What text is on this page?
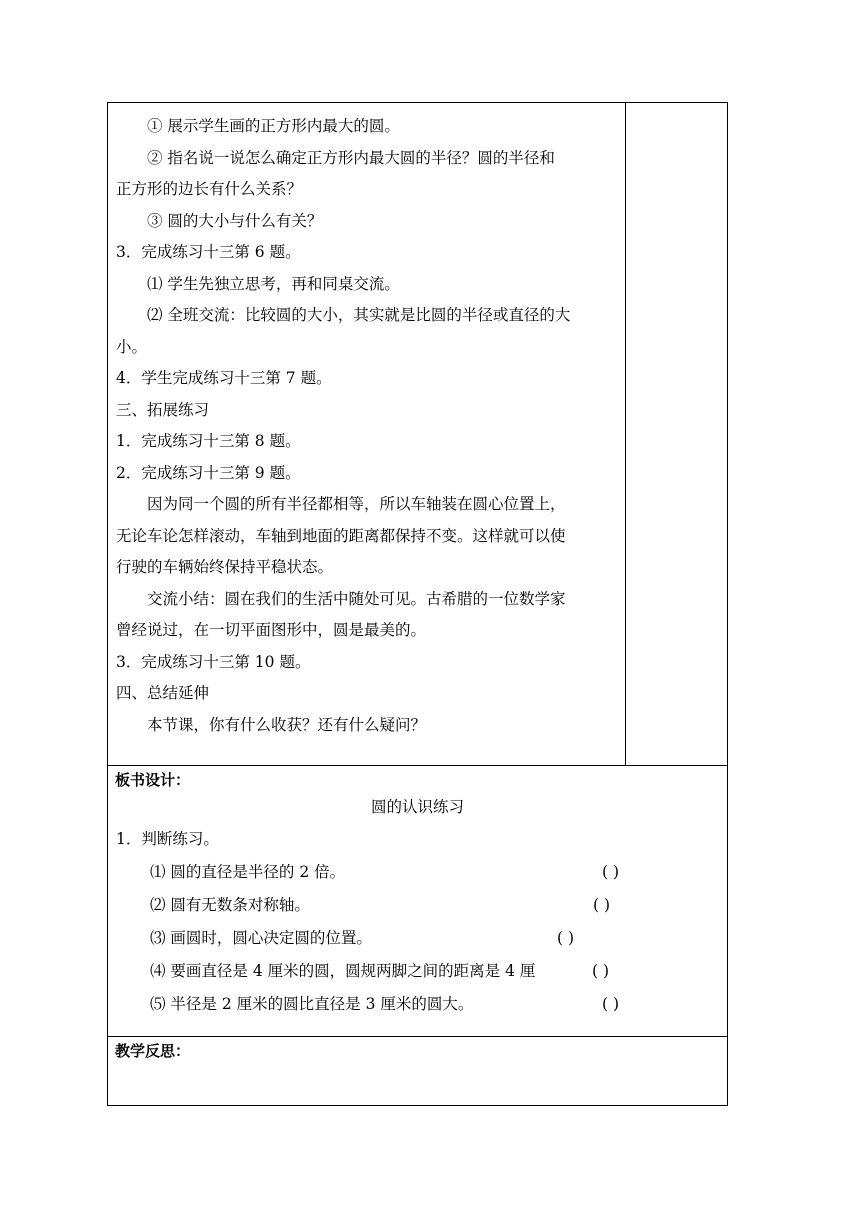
① 展示学生画的正方形内最大的圆。
② 指名说一说怎么确定正方形内最大圆的半径？圆的半径和
正方形的边长有什么关系？
③ 圆的大小与什么有关？
3．完成练习十三第 6 题。
⑴ 学生先独立思考，再和同桌交流。
⑵ 全班交流：比较圆的大小，其实就是比圆的半径或直径的大
小。
4．学生完成练习十三第 7 题。
三、拓展练习
1．完成练习十三第 8 题。
2．完成练习十三第 9 题。
因为同一个圆的所有半径都相等，所以车轴装在圆心位置上，
无论车论怎样滚动，车轴到地面的距离都保持不变。这样就可以使
行驶的车辆始终保持平稳状态。
交流小结：圆在我们的生活中随处可见。古希腊的一位数学家
曾经说过，在一切平面图形中，圆是最美的。
3．完成练习十三第 10 题。
四、总结延伸
本节课，你有什么收获？还有什么疑问？

板书设计：
圆的认识练习
1．判断练习。
⑴ 圆的直径是半径的 2 倍。	( )
⑵ 圆有无数条对称轴。	( )
⑶ 画圆时，圆心决定圆的位置。	( )
⑷ 要画直径是 4 厘米的圆，圆规两脚之间的距离是 4 厘	( )
⑸ 半径是 2 厘米的圆比直径是 3 厘米的圆大。	( )

教学反思：
